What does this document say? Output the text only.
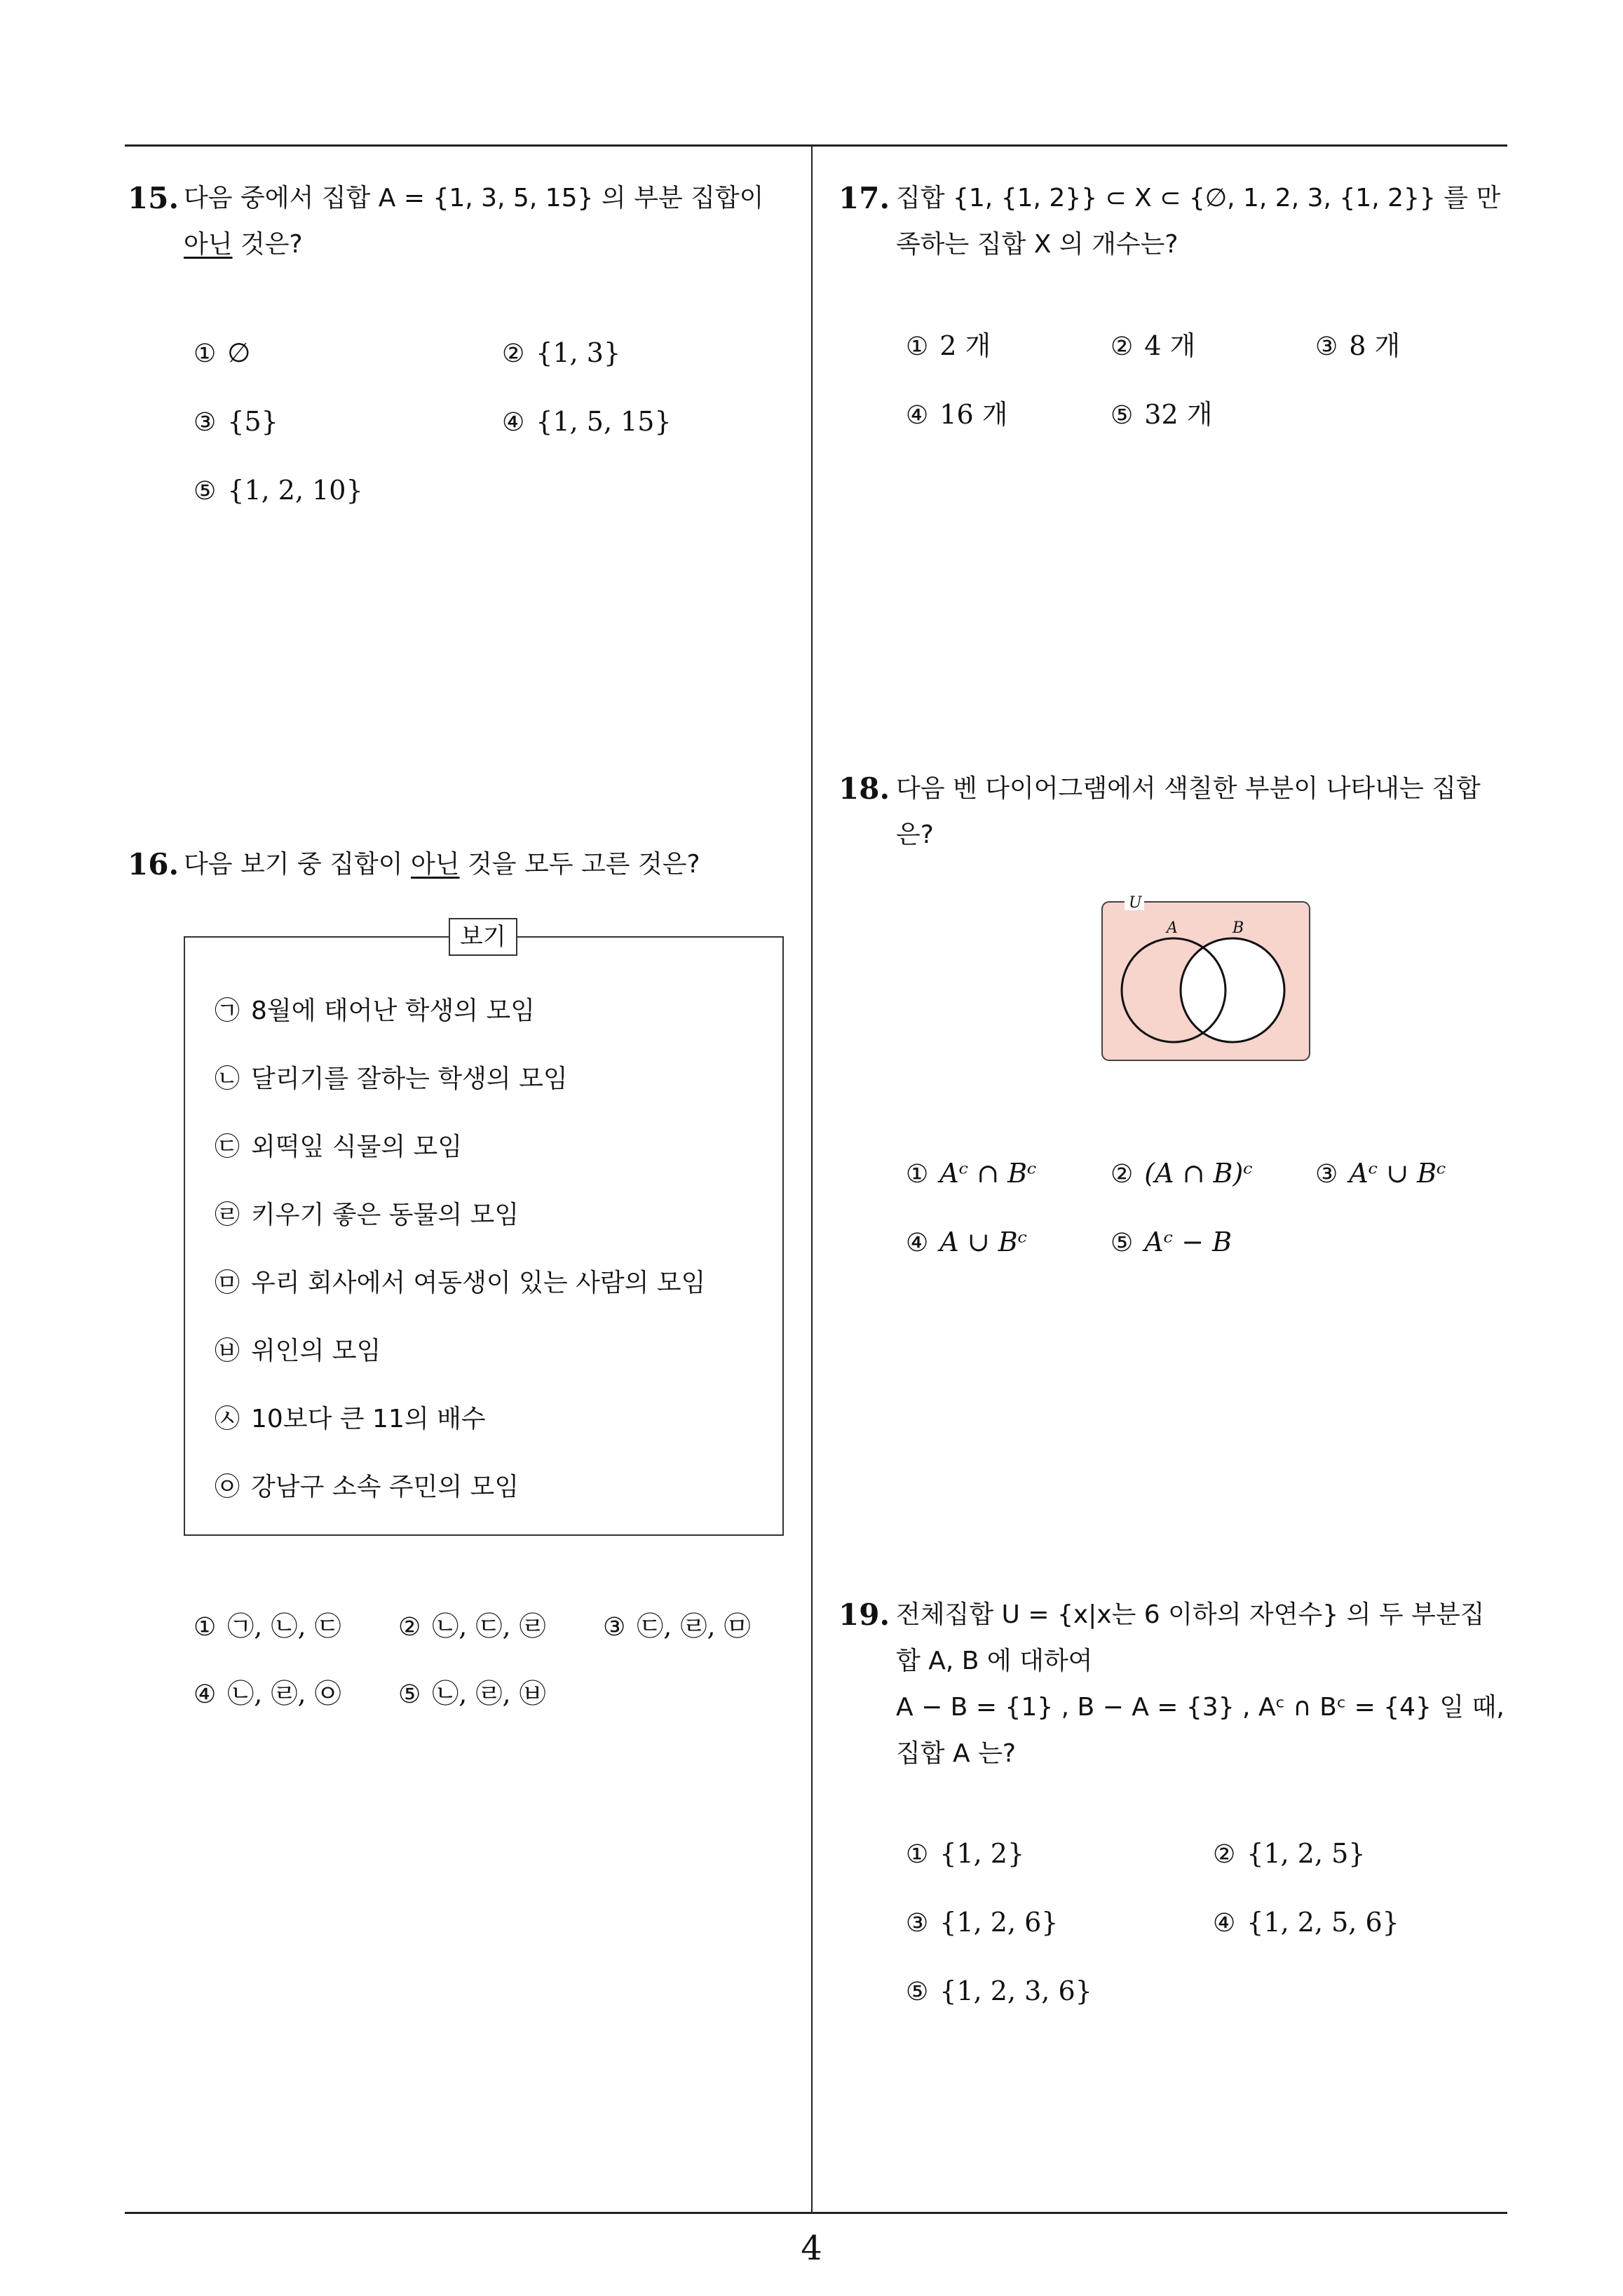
15. 다음 중에서 집합 A = {1, 3, 5, 15} 의 부분 집합이
아닌 것은?
① ∅	② {1, 3}
③ {5}	④ {1, 5, 15}
⑤ {1, 2, 10}
16. 다음 보기 중 집합이 아닌 것을 모두 고른 것은?
보기
㉠ 8월에 태어난 학생의 모임
㉡ 달리기를 잘하는 학생의 모임
㉢ 외떡잎 식물의 모임
㉣ 키우기 좋은 동물의 모임
㉤ 우리 회사에서 여동생이 있는 사람의 모임
㉥ 위인의 모임
㉦ 10보다 큰 11의 배수
㉧ 강남구 소속 주민의 모임
① ㉠, ㉡, ㉢ ② ㉡, ㉢, ㉣ ③ ㉢, ㉣, ㉤
④ ㉡, ㉣, ㉧ ⑤ ㉡, ㉣, ㉥
17. 집합 {1, {1, 2}} ⊂ X ⊂ {∅, 1, 2, 3, {1, 2}} 를 만
족하는 집합 X 의 개수는?
① 2 개	② 4 개	③ 8 개
④ 16 개	⑤ 32 개
18. 다음 벤 다이어그램에서 색칠한 부분이 나타내는 집합
은?
U
A	B
① Aᶜ ∩ Bᶜ	② (A ∩ B)ᶜ ③ Aᶜ ∪ Bᶜ
④ A ∪ Bᶜ	⑤ Aᶜ − B
19. 전체집합 U = {x|x는 6 이하의 자연수} 의 두 부분집
합 A, B 에 대하여
A − B = {1} , B − A = {3} , Aᶜ ∩ Bᶜ = {4} 일 때,
집합 A 는?
① {1, 2}	② {1, 2, 5}
③ {1, 2, 6}	④ {1, 2, 5, 6}
⑤ {1, 2, 3, 6}
4
